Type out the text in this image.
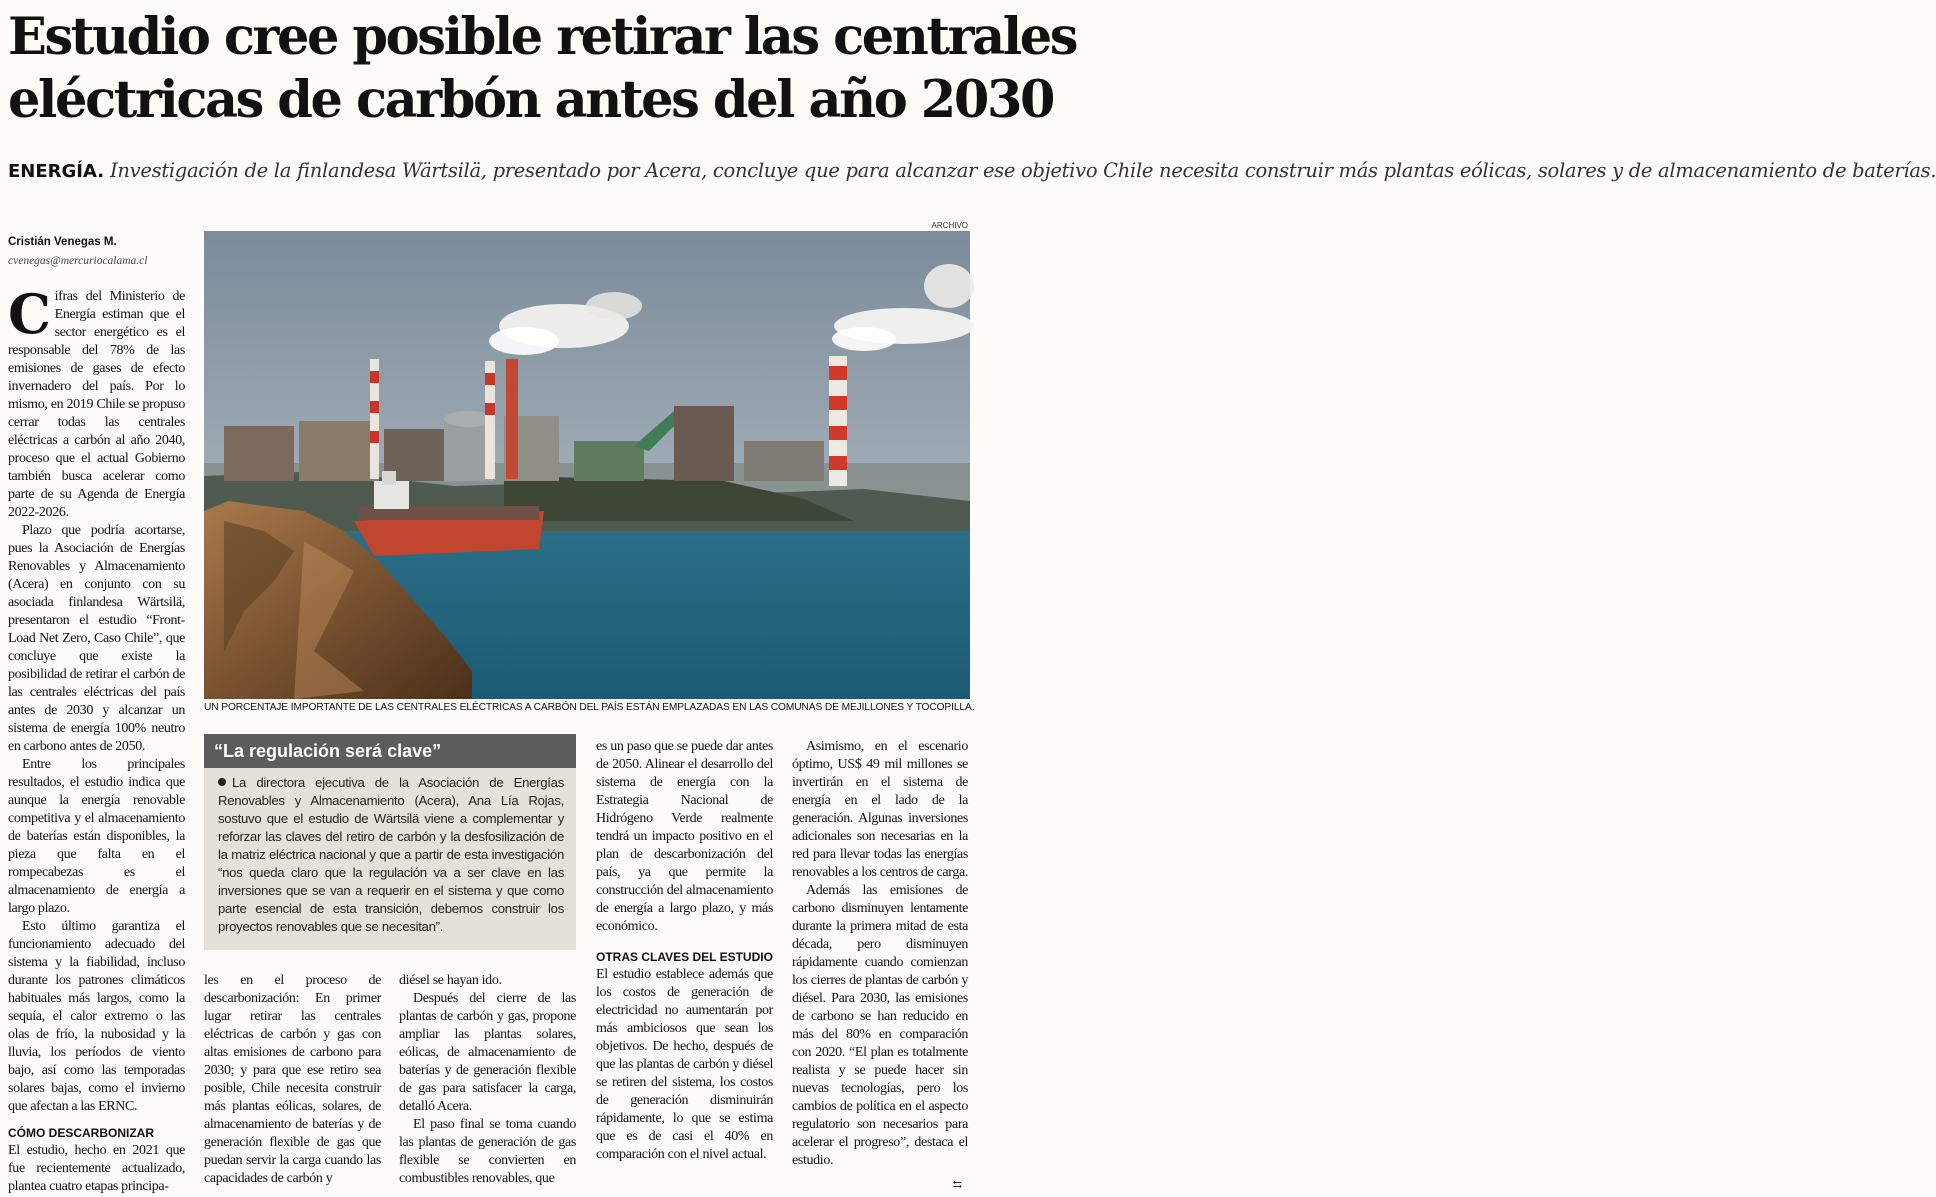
Estudio cree posible retirar las centrales
eléctricas de carbón antes del año 2030

ENERGÍA. Investigación de la finlandesa Wärtsilä, presentado por Acera, concluye que para alcanzar ese objetivo Chile necesita construir más plantas eólicas, solares y de almacenamiento de baterías.

ARCHIVO
UN PORCENTAJE IMPORTANTE DE LAS CENTRALES ELÉCTRICAS A CARBÓN DEL PAÍS ESTÁN EMPLAZADAS EN LAS COMUNAS DE MEJILLONES Y TOCOPILLA.
Cristián Venegas M.
cvenegas@mercuriocalama.cl

Cifras del Ministerio de Energía estiman que el sector energético es el responsable del 78% de las emisiones de gases de efecto invernadero del país. Por lo mismo, en 2019 Chile se propuso cerrar todas las centrales eléctricas a carbón al año 2040, proceso que el actual Gobierno también busca acelerar como parte de su Agenda de Energía 2022-2026.

Plazo que podría acortarse, pues la Asociación de Energías Renovables y Almacenamiento (Acera) en conjunto con su asociada finlandesa Wärtsilä, presentaron el estudio “Front-Load Net Zero, Caso Chile”, que concluye que existe la posibilidad de retirar el carbón de las centrales eléctricas del país antes de 2030 y alcanzar un sistema de energía 100% neutro en carbono antes de 2050.

Entre los principales resultados, el estudio indica que aunque la energía renovable competitiva y el almacenamiento de baterías están disponibles, la pieza que falta en el rompecabezas es el almacenamiento de energía a largo plazo.

Esto último garantiza el funcionamiento adecuado del sistema y la fiabilidad, incluso durante los patrones climáticos habituales más largos, como la sequía, el calor extremo o las olas de frío, la nubosidad y la lluvia, los períodos de viento bajo, así como las temporadas solares bajas, como el invierno que afectan a las ERNC.

CÓMO DESCARBONIZAR

El estudio, hecho en 2021 que fue recientemente actualizado, plantea cuatro etapas principa-

“La regulación será clave”
La directora ejecutiva de la Asociación de Energías Renovables y Almacenamiento (Acera), Ana Lía Rojas, sostuvo que el estudio de Wärtsilä viene a complementar y reforzar las claves del retiro de carbón y la desfosilización de la matriz eléctrica nacional y que a partir de esta investigación “nos queda claro que la regulación va a ser clave en las inversiones que se van a requerir en el sistema y que como parte esencial de esta transición, debemos construir los proyectos renovables que se necesitan”.

les en el proceso de descarbonización: En primer lugar retirar las centrales eléctricas de carbón y gas con altas emisiones de carbono para 2030; y para que ese retiro sea posible, Chile necesita construir más plantas eólicas, solares, de almacenamiento de baterías y de generación flexible de gas que puedan servir la carga cuando las capacidades de carbón y

diésel se hayan ido.

Después del cierre de las plantas de carbón y gas, propone ampliar las plantas solares, eólicas, de almacenamiento de baterías y de generación flexible de gas para satisfacer la carga, detalló Acera.

El paso final se toma cuando las plantas de generación de gas flexible se convierten en combustibles renovables, que

es un paso que se puede dar antes de 2050. Alinear el desarrollo del sistema de energía con la Estrategia Nacional de Hidrógeno Verde realmente tendrá un impacto positivo en el plan de descarbonización del país, ya que permite la construcción del almacenamiento de energía a largo plazo, y más económico.

OTRAS CLAVES DEL ESTUDIO

El estudio establece además que los costos de generación de electricidad no aumentarán por más ambiciosos que sean los objetivos. De hecho, después de que las plantas de carbón y diésel se retiren del sistema, los costos de generación disminuirán rápidamente, lo que se estima que es de casi el 40% en comparación con el nivel actual.

Asimismo, en el escenario óptimo, US$ 49 mil millones se invertirán en el sistema de energía en el lado de la generación. Algunas inversiones adicionales son necesarias en la red para llevar todas las energías renovables a los centros de carga.

Además las emisiones de carbono disminuyen lentamente durante la primera mitad de esta década, pero disminuyen rápidamente cuando comienzan los cierres de plantas de carbón y diésel. Para 2030, las emisiones de carbono se han reducido en más del 80% en comparación con 2020. “El plan es totalmente realista y se puede hacer sin nuevas tecnologías, pero los cambios de política en el aspecto regulatorio son necesarios para acelerar el progreso”, destaca el estudio.

⇆
